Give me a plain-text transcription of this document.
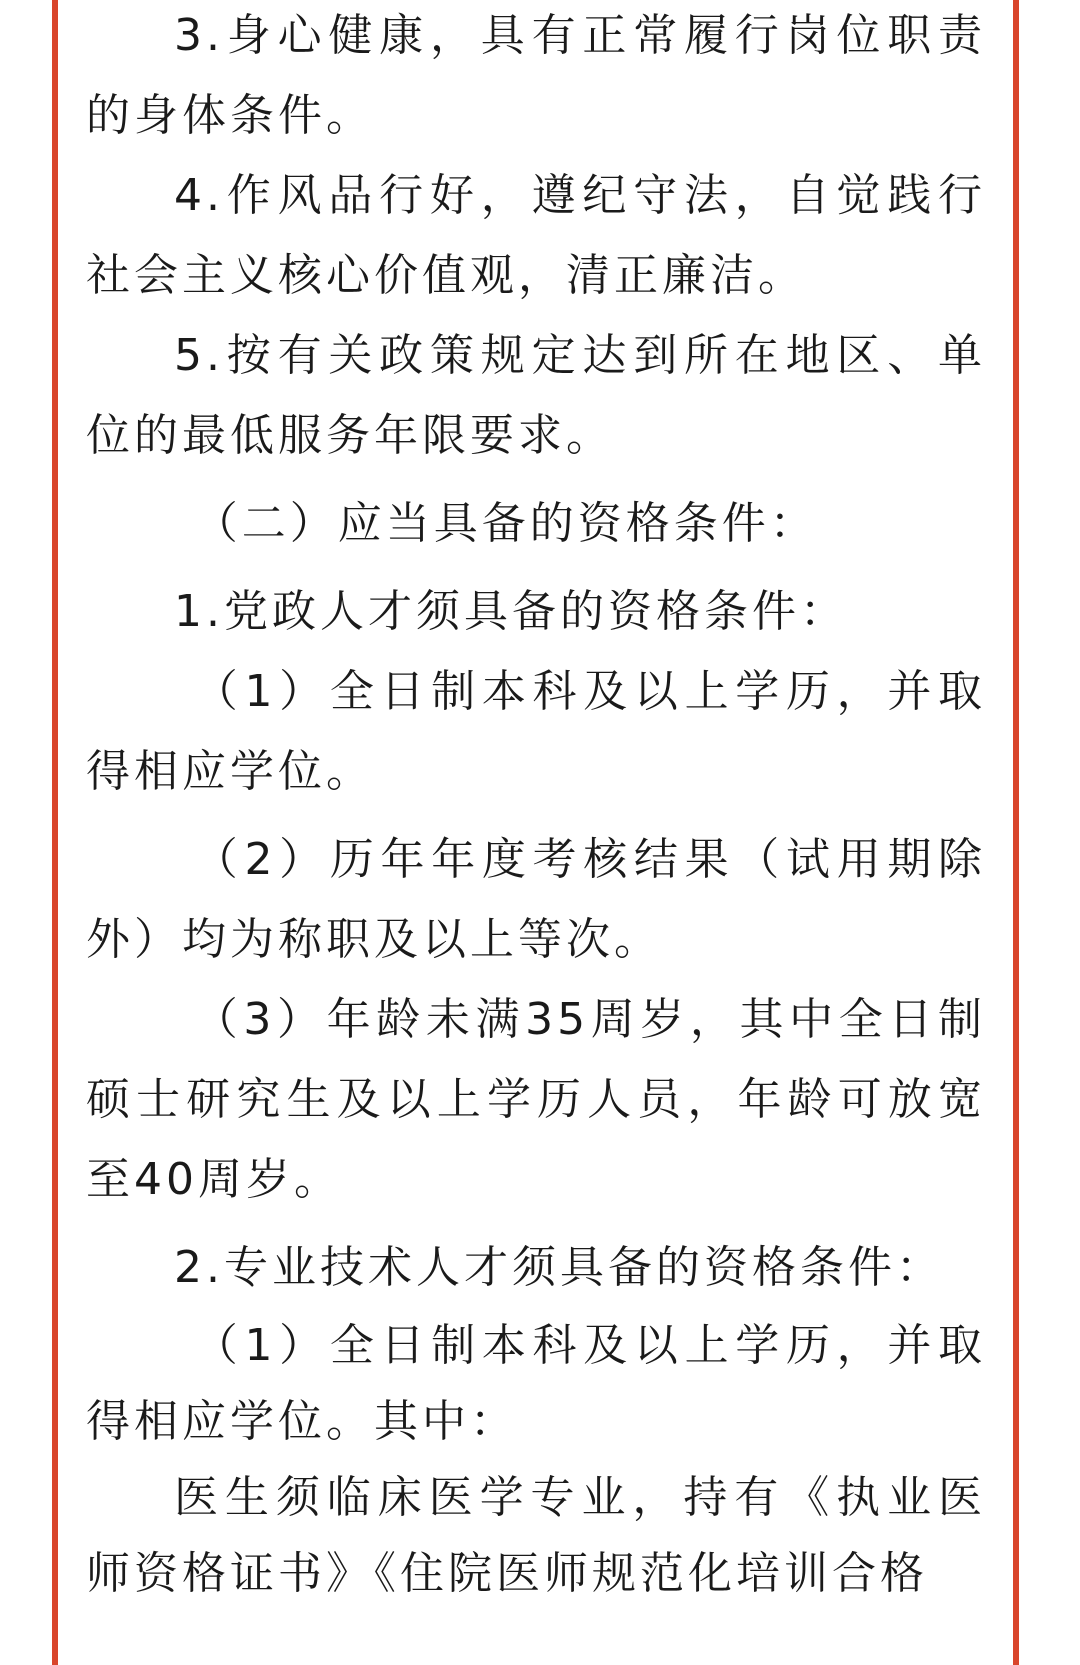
3.身心健康，具有正常履行岗位职责的身体条件。

4.作风品行好，遵纪守法，自觉践行社会主义核心价值观，清正廉洁。

5.按有关政策规定达到所在地区、单位的最低服务年限要求。

（二）应当具备的资格条件：

1.党政人才须具备的资格条件：

（1）全日制本科及以上学历，并取得相应学位。

（2）历年年度考核结果（试用期除外）均为称职及以上等次。

（3）年龄未满35周岁，其中全日制硕士研究生及以上学历人员，年龄可放宽至40周岁。

2.专业技术人才须具备的资格条件：

（1）全日制本科及以上学历，并取得相应学位。其中：

医生须临床医学专业，持有《执业医师资格证书》《住院医师规范化培训合格
